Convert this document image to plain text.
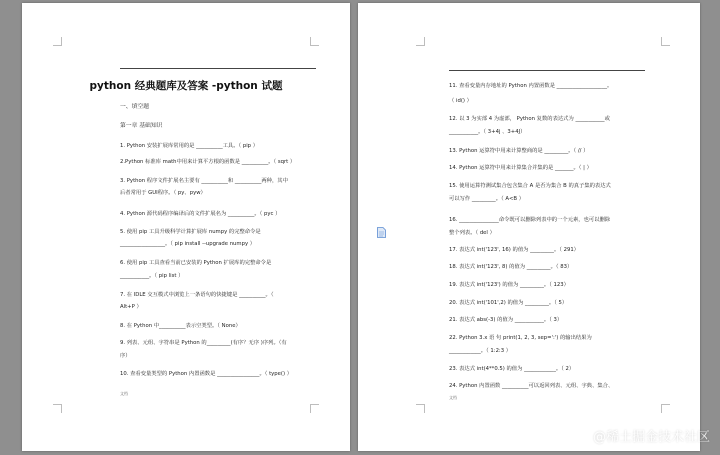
python 经典题库及答案 -python 试题
一、填空题
第一章 基础知识
1. Python 安装扩展库常用的是 __________工具。（ pip ）
2.Python 标准库 math中用来计算平方根的函数是 __________。（ sqrt ）
3. Python 程序文件扩展名主要有 __________和 __________两种，其中
后者常用于 GUI程序。（ py、pyw）
4. Python 源代码程序编译后的文件扩展名为 __________。（ pyc ）
5. 使用 pip 工具升级科学计算扩展库 numpy 的完整命令是
_________________。（ pip install --upgrade numpy ）
6. 使用 pip 工具查看当前已安装的 Python 扩展库的完整命令是
___________。（ pip list ）
7. 在 IDLE 交互模式中浏览上一条语句的快捷键是 __________。（
Alt+P ）
8. 在 Python 中__________表示空类型。（ None）
9. 列表、元组、字符串是 Python 的_________(有序？无序 )序列。（有
序）
10. 查看变量类型的 Python 内置函数是 ________________。（ type() ）
文档
11. 查看变量内存地址的 Python 内置函数是 ___________________。
（ id() ）
12. 以 3 为实部 4 为虚部， Python 复数的表达式为 ___________或
___________。（ 3+4j 、3+4J）
13. Python 运算符中用来计算整商的是 _________。（ // ）
14. Python 运算符中用来计算集合并集的是 _______。（ | ）
15. 使用运算符测试集合包含集合 A 是否为集合 B 的真子集的表达式
可以写作 _________。（ A<B ）
16. _______________命令既可以删除列表中的一个元素，也可以删除
整个列表。（ del ）
17. 表达式 int('123', 16) 的值为 _________。（ 291）
18. 表达式 int('123', 8) 的值为 _________。（ 83）
19. 表达式 int('123') 的值为 _________。（ 123）
20. 表达式 int('101',2) 的值为 _________。（ 5）
21. 表达式 abs(-3) 的值为 ___________。（ 3）
22. Python 3.x 语 句 print(1, 2, 3, sep=':') 的输出结果为
____________。（ 1:2:3 ）
23. 表达式 int(4**0.5) 的值为 ____________。（ 2）
24. Python 内置函数 __________可以返回列表、元组、字典、集合、
文档
@稀土掘金技术社区
